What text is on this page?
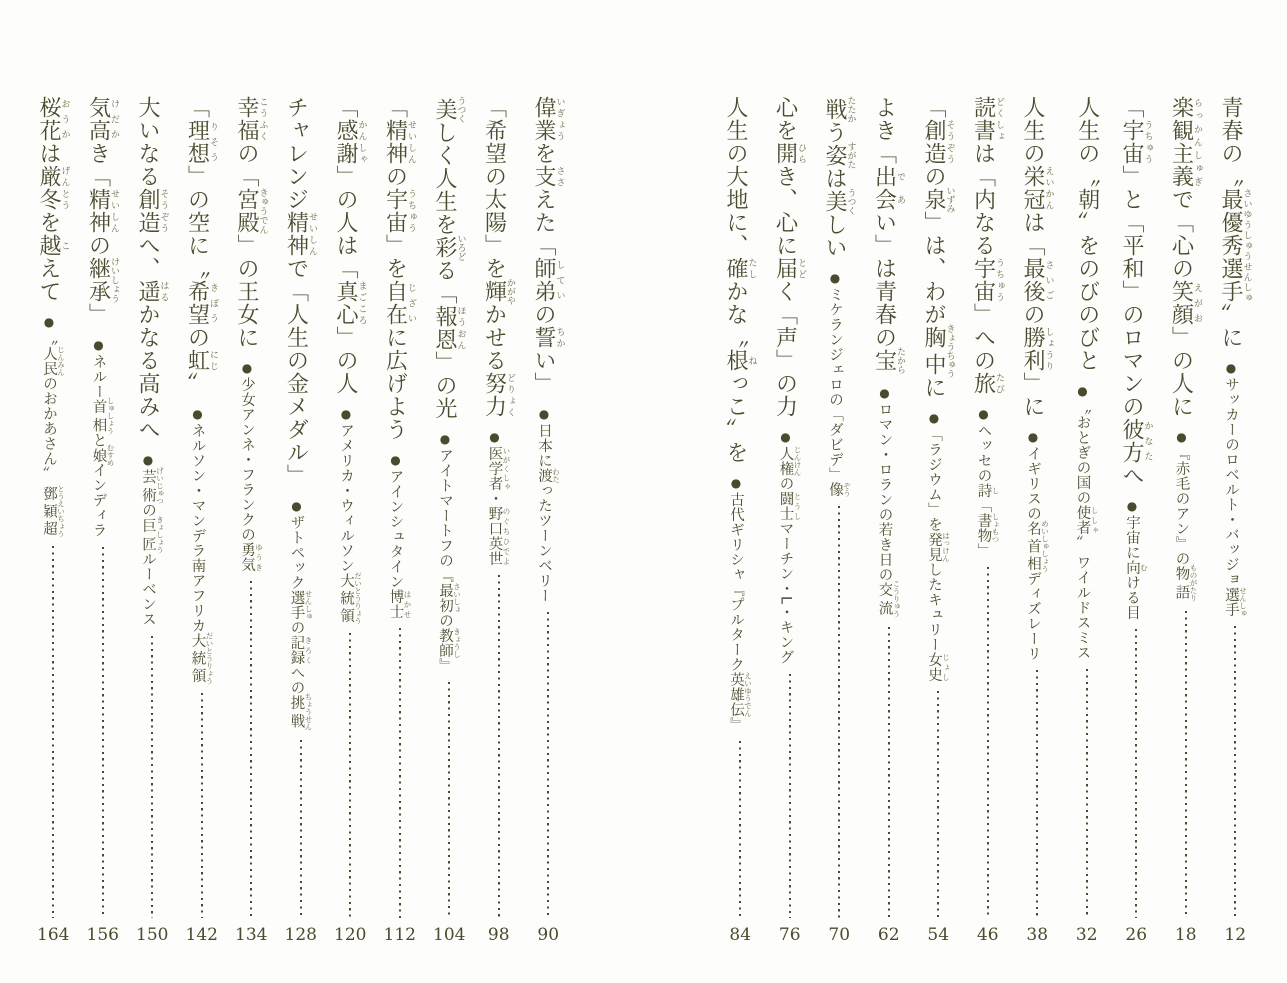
偉業いぎょうを支ささえた「師弟していの誓ちかい」
●日本に渡 わたったツーンベリー
90
「希望の太陽」を輝かがやかせる努力どりょく
●医学者 いがくしゃ・野口英世 のぐちひでよ
98
美うつくしく人生を彩いろどる「報恩ほうおん」の光
●アイトマートフの『最初 さいしょの教師 きょうし』
104
「精神せいしんの宇宙うちゅう」を自在じざいに広げよう
●アインシュタイン博士 はかせ
112
「感謝かんしゃ」の人は「真心まごころ」の人
●アメリカ・ウィルソン大統領 だいとうりょう
120
チャレンジ精神せいしんで「人生の金メダル」
●ザトペック選手 せんしゅの記録 きろくへの挑戦 ちょうせん
128
幸福こうふくの「宮殿きゅうでん」の王女に
●少女アンネ・フランクの勇気 ゆうき
134
「理想りそう」の空に〝希望きぼうの虹にじ〞
●ネルソン・マンデラ南アフリカ大統領 だいとうりょう
142
大いなる創造そうぞうへ、遥はるかなる高みへ
●芸術 げいじゅつの巨匠 きょしょうルーベンス
150
気高けだかき「精神せいしんの継承けいしょう」
●ネルー首相 しゅしょうと娘 むすめインディラ
156
桜花おうかは厳冬げんとうを越こえて
●〝人民 じんみんのおかあさん〞 鄧穎超 とうえいちょう
164
青春の〝最優秀選手さいゆうしゅうせんしゅ〞に
●サッカーのロベルト・バッジョ選手 せんしゅ
12
楽観主義らっかんしゅぎで「心の笑顔えがお」の人に
●『赤毛のアン』の物語 ものがたり
18
「宇宙うちゅう」と「平和」のロマンの彼方かなたへ
●宇宙に向 むける目
26
人生の〝朝〞をのびのびと
●〝おとぎの国の使者 ししゃ〞 ワイルドスミス
32
人生の栄冠えいかんは「最後さいごの勝利しょうり」に
●イギリスの名首相 めいしゅしょうディズレーリ
38
読書どくしょは「内なる宇宙うちゅう」への旅たび
●ヘッセの詩 し「書物 しょもつ」
46
「創造そうぞうの泉いずみ」は、わが胸中きょうちゅうに
●「ラジウム」を発見 はっけんしたキュリー女史 じょし
54
よき「出会であい」は青春の宝たから
●ロマン・ロランの若き日の交流 こうりゅう
62
戦たたかう姿すがたは美うつくしい
●ミケランジェロの「ダビデ」像 ぞう
70
心を開ひらき、心に届とどく「声」の力
●人権 じんけんの闘士 とうしマーチン・L・キング
76
人生の大地に、確たしかな〝根ねっこ〞を
●古代ギリシャ『プルターク英雄伝 えいゆうでん』
84
